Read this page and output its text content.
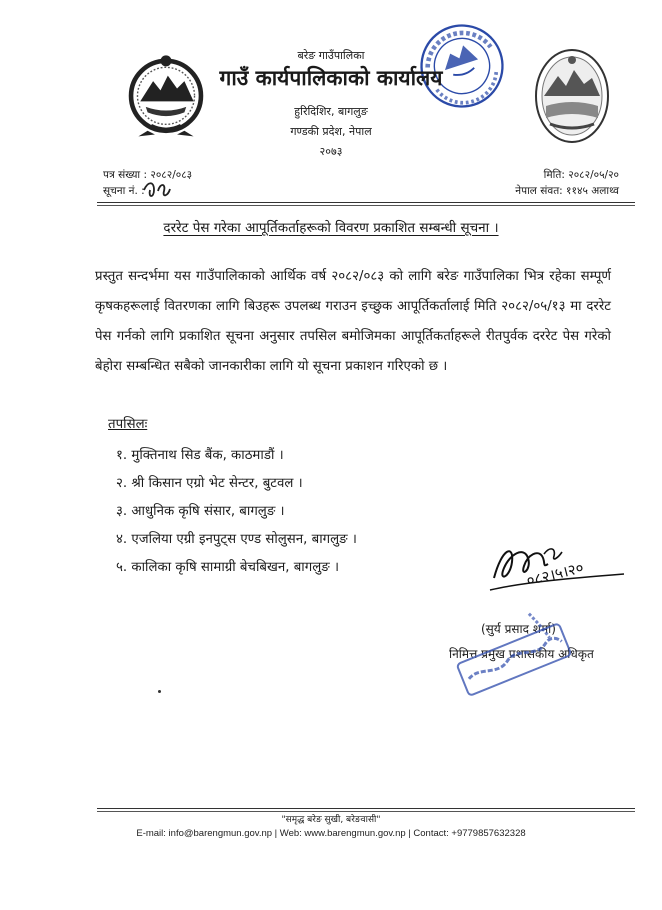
बरेङ गाउँपालिका
गाउँ कार्यपालिकाको कार्यालय
हुरिदिशिर, बागलुङ
गण्डकी प्रदेश, नेपाल
२०७३
पत्र संख्या : २०८२/०८३
सूचना नं. :
मिति: २०८२/०५/२०
नेपाल संवत: ११४५ अलाथ्व
दररेट पेस गरेका आपूर्तिकर्ताहरूको विवरण प्रकाशित सम्बन्धी सूचना ।

प्रस्तुत सन्दर्भमा यस गाउँपालिकाको आर्थिक वर्ष २०८२/०८३ को लागि बरेङ गाउँपालिका भित्र रहेका सम्पूर्ण कृषकहरूलाई वितरणका लागि बिउहरू उपलब्ध गराउन इच्छुक आपूर्तिकर्तालाई मिति २०८२/०५/१३ मा दररेट पेस गर्नको लागि प्रकाशित सूचना अनुसार तपसिल बमोजिमका आपूर्तिकर्ताहरूले रीतपुर्वक दररेट पेस गरेको बेहोरा सम्बन्धित सबैको जानकारीका लागि यो सूचना प्रकाशन गरिएको छ ।

तपसिलः
१. मुक्तिनाथ सिड बैंक, काठमाडौं ।
२. श्री किसान एग्रो भेट सेन्टर, बुटवल ।
३. आधुनिक कृषि संसार, बागलुङ ।
४. एजलिया एग्री इनपुट्स एण्ड सोलुसन, बागलुङ ।
५. कालिका कृषि सामाग्री बेचबिखन, बागलुङ ।	०८२।५।२०
(सुर्य प्रसाद शर्मा)
निमित्त प्रमुख प्रशासकीय अधिकृत
"समृद्ध बरेङ सुखी, बरेङवासी"
E-mail: info@barengmun.gov.np | Web: www.barengmun.gov.np | Contact: +9779857632328
